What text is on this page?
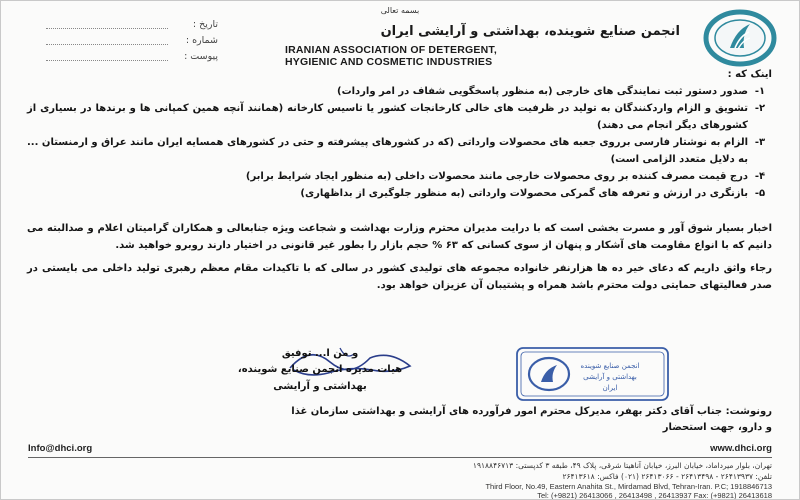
بسمه تعالی
انجمن صنایع شوینده، بهداشتی و آرایشی ایران
IRANIAN ASSOCIATION OF DETERGENT,
HYGIENIC AND COSMETIC INDUSTRIES
تاریخ :
شماره :
پیوست :
اینک که :
۱-
صدور دستور ثبت نمایندگی های خارجی (به منظور پاسخگویی شفاف در امر واردات)
۲-
تشویق و الزام واردکنندگان به تولید در ظرفیت های خالی کارخانجات کشور یا تاسیس کارخانه (همانند آنچه همین کمپانی ها و برندها در بسیاری از کشورهای دیگر انجام می دهند)
۳-
الزام به نوشتار فارسی برروی جعبه های محصولات وارداتی (که در کشورهای پیشرفته و حتی در کشورهای همسایه ایران مانند عراق و ارمنستان ... به دلایل متعدد الزامی است)
۴-
درج قیمت مصرف کننده بر روی محصولات خارجی مانند محصولات داخلی (به منظور ایجاد شرایط برابر)
۵-
بازنگری در ارزش و تعرفه های گمرکی محصولات وارداتی (به منظور جلوگیری از بداظهاری)
اخبار بسیار شوق آور و مسرت بخشی است که با درایت مدیران محترم وزارت بهداشت و شجاعت ویژه جنابعالی و همکاران گرامیتان اعلام و صدالبته می دانیم که با انواع مقاومت های آشکار و پنهان از سوی کسانی که ۶۳ % حجم بازار را بطور غیر قانونی در اختیار دارند روبرو خواهید شد.
رجاء واثق داریم که دعای خیر ده ها هزارنفر خانواده مجموعه های تولیدی کشور در سالی که با تاکیدات مقام معظم رهبری تولید داخلی می بایستی در صدر فعالیتهای حمایتی دولت محترم باشد همراه و پشتیبان آن عزیزان خواهد بود.
و من ا... توفیق
هیات مدیره انجمن صنایع شوینده، بهداشتی و آرایشی
انجمن صنایع شوینده
بهداشتی و آرایشی
ایران
رونوشت: جناب آقای دکتر بهفر، مدیرکل محترم امور فرآورده های آرایشی و بهداشتی سازمان غذا
و دارو، جهت استحضار
www.dhci.org
Info@dhci.org
تهران، بلوار میرداماد، خیابان البرز، خیابان آناهیتا شرقی، پلاک ۴۹، طبقه ۳ کدپستی: ۱۹۱۸۸۴۶۷۱۳
تلفن: ۲۶۴۱۳۹۳۷ - ۲۶۴۱۳۴۹۸ - ۲۶۴۱۳۰۶۶ (۰۲۱) فاکس: ۲۶۴۱۳۶۱۸
Third Floor, No.49, Eastern Anahita St., Mirdamad Blvd, Tehran-Iran. P.C; 1918846713
Tel: (+9821) 26413066 , 26413498 , 26413937 Fax: (+9821) 26413618
